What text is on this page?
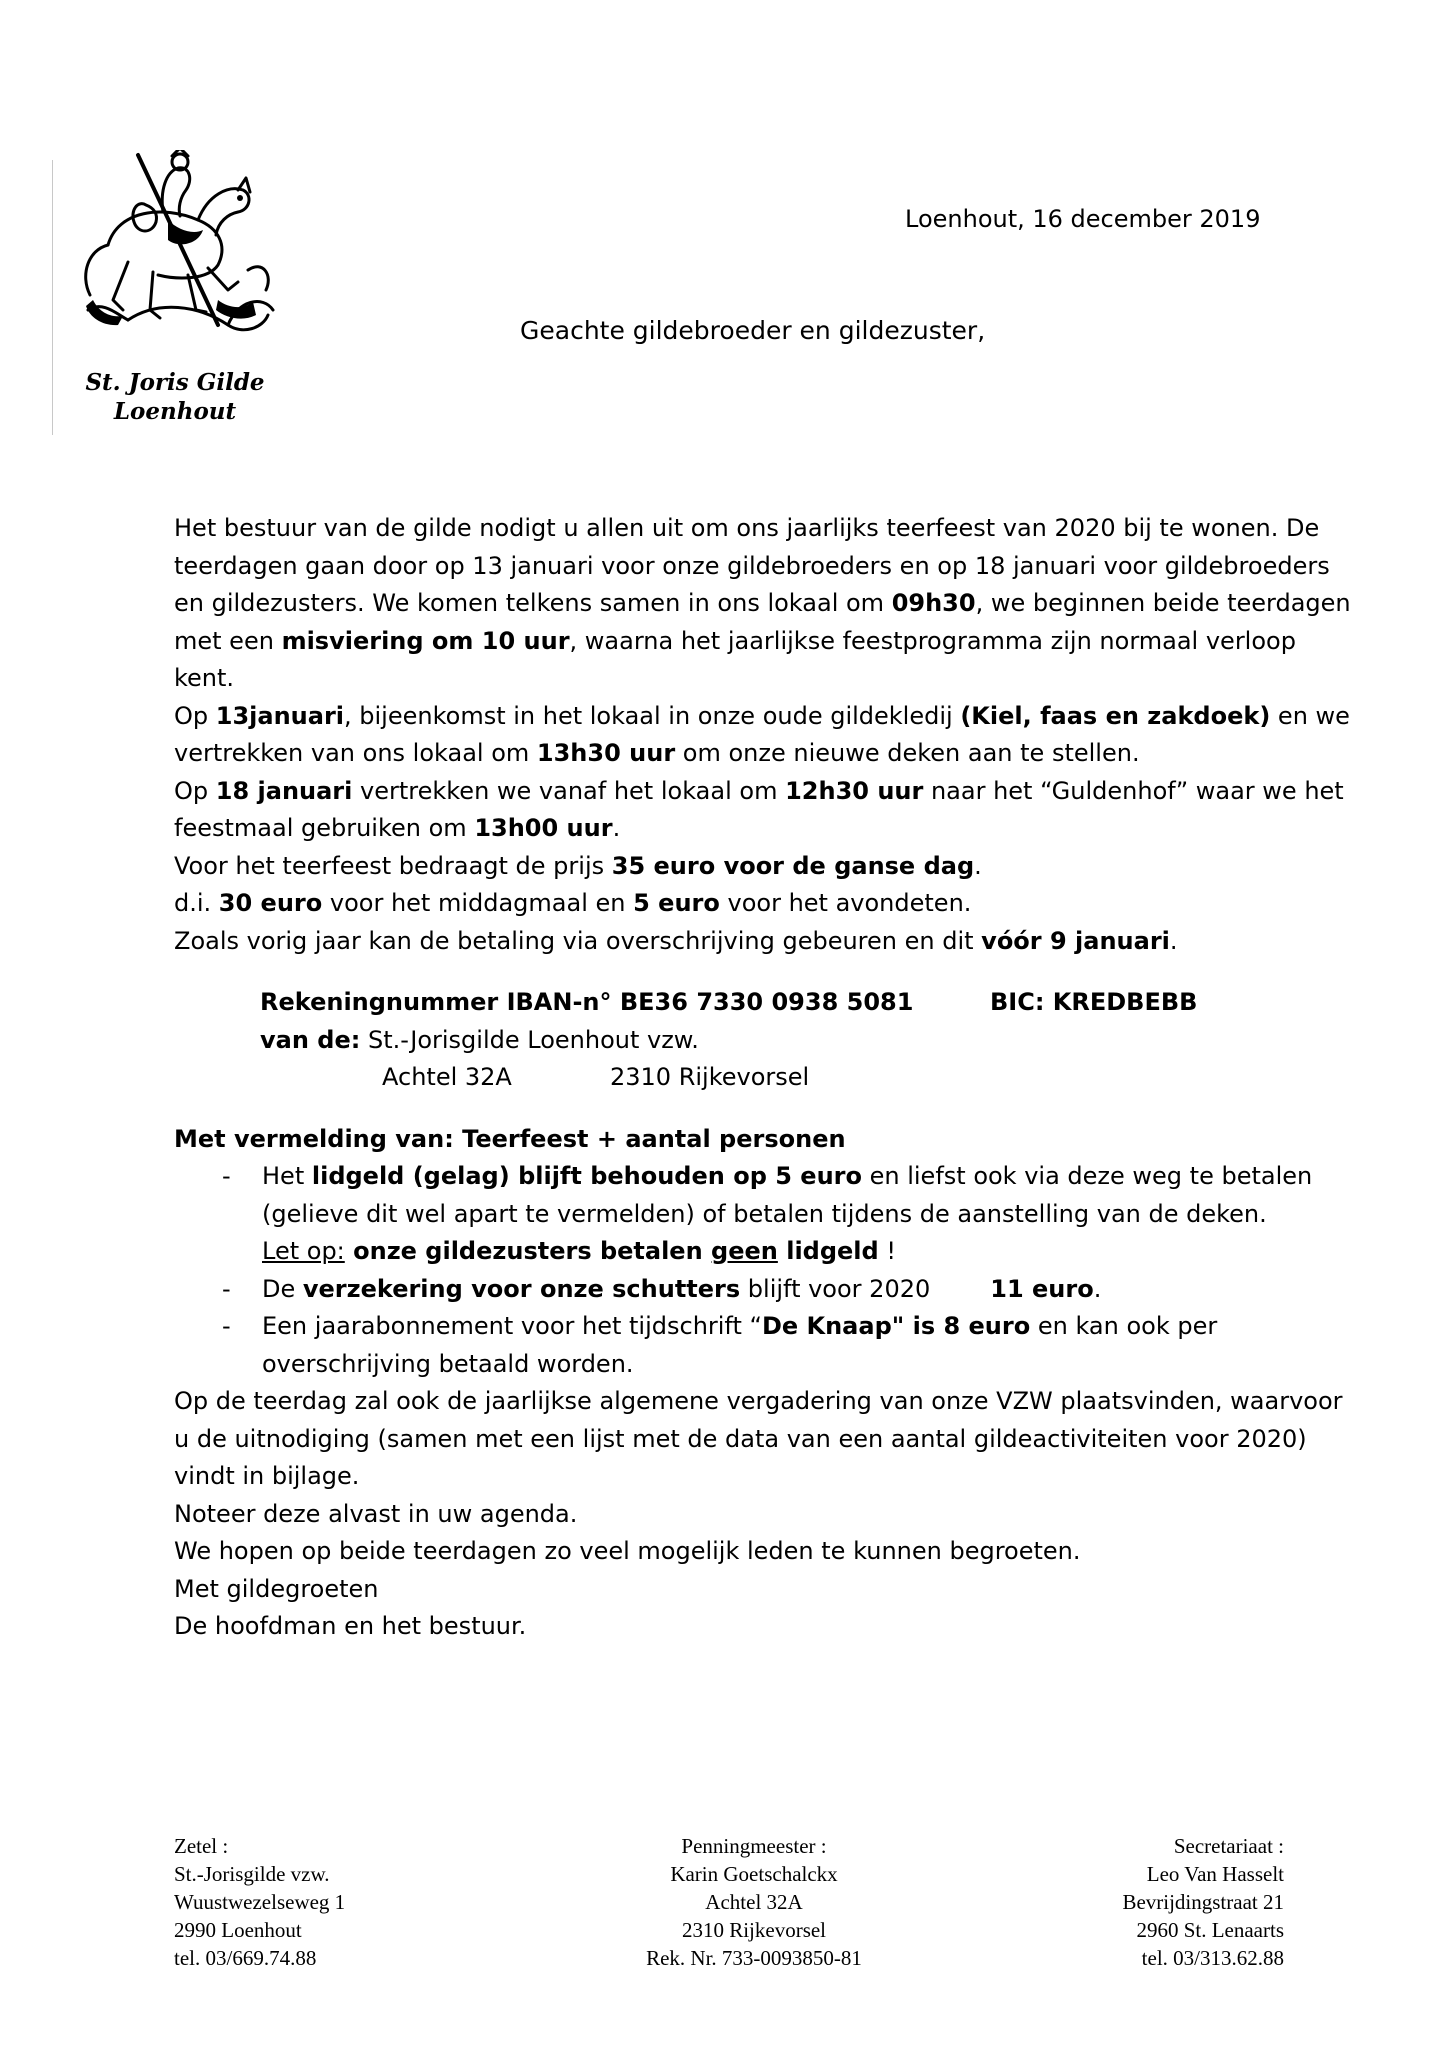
St. Joris Gilde
Loenhout
Loenhout, 16 december 2019
Geachte gildebroeder en gildezuster,

Het bestuur van de gilde nodigt u allen uit om ons jaarlijks teerfeest van 2020 bij te wonen. De teerdagen gaan door op 13 januari voor onze gildebroeders en op 18 januari voor gildebroeders en gildezusters. We komen telkens samen in ons lokaal om 09h30, we beginnen beide teerdagen met een misviering om 10 uur, waarna het jaarlijkse feestprogramma zijn normaal verloop kent.

Op 13januari, bijeenkomst in het lokaal in onze oude gildekledij (Kiel, faas en zakdoek) en we vertrekken van ons lokaal om 13h30 uur om onze nieuwe deken aan te stellen.

Op 18 januari vertrekken we vanaf het lokaal om 12h30 uur naar het “Guldenhof” waar we het feestmaal gebruiken om 13h00 uur.

Voor het teerfeest bedraagt de prijs 35 euro voor de ganse dag.

d.i. 30 euro voor het middagmaal en 5 euro voor het avondeten.

Zoals vorig jaar kan de betaling via overschrijving gebeuren en dit vóór 9 januari.

Rekeningnummer IBAN-n° BE36 7330 0938 5081	BIC: KREDBEBB
van de: St.-Jorisgilde Loenhout vzw.
Achtel 32A	2310 Rijkevorsel

Met vermelding van: Teerfeest + aantal personen

- Het lidgeld (gelag) blijft behouden op 5 euro en liefst ook via deze weg te betalen (gelieve dit wel apart te vermelden) of betalen tijdens de aanstelling van de deken.
Let op: onze gildezusters betalen geen lidgeld !
- De verzekering voor onze schutters blijft voor 2020	11 euro.
- Een jaarabonnement voor het tijdschrift “De Knaap" is 8 euro en kan ook per overschrijving betaald worden.

Op de teerdag zal ook de jaarlijkse algemene vergadering van onze VZW plaatsvinden, waarvoor u de uitnodiging (samen met een lijst met de data van een aantal gildeactiviteiten voor 2020) vindt in bijlage.

Noteer deze alvast in uw agenda.

We hopen op beide teerdagen zo veel mogelijk leden te kunnen begroeten.

Met gildegroeten

De hoofdman en het bestuur.

Zetel :
St.-Jorisgilde vzw.
Wuustwezelseweg 1
2990 Loenhout
tel. 03/669.74.88
Penningmeester :
Karin Goetschalckx
Achtel 32A
2310 Rijkevorsel
Rek. Nr. 733-0093850-81
Secretariaat :
Leo Van Hasselt
Bevrijdingstraat 21
2960 St. Lenaarts
tel. 03/313.62.88
